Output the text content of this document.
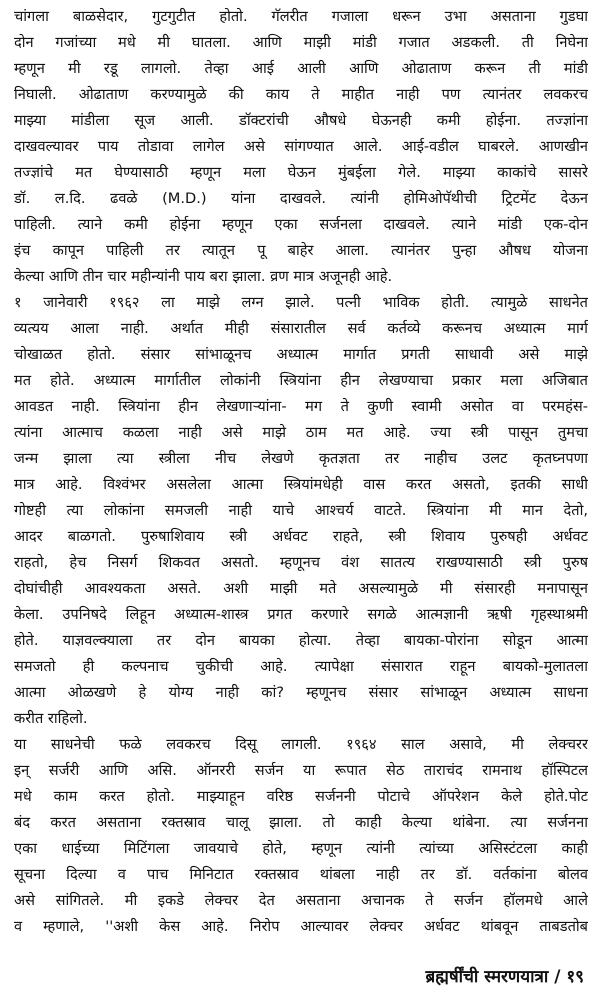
चांगला बाळसेदार, गुटगुटीत होतो. गॅलरीत गजाला धरून उभा असताना गुडघा
दोन गजांच्या मधे मी घातला. आणि माझी मांडी गजात अडकली. ती निघेना
म्हणून मी रडू लागलो. तेव्हा आई आली आणि ओढाताण करून ती मांडी
निघाली. ओढाताण करण्यामुळे की काय ते माहीत नाही पण त्यानंतर लवकरच
माझ्या मांडीला सूज आली. डॉक्टरांची औषधे घेऊनही कमी होईना. तज्ज्ञांना
दाखवल्यावर पाय तोडावा लागेल असे सांगण्यात आले. आई-वडील घाबरले. आणखीन
तज्ज्ञांचे मत घेण्यासाठी म्हणून मला घेऊन मुंबईला गेले. माझ्या काकांचे सासरे
डॉ. ल.दि. ढवळे (M.D.) यांना दाखवले. त्यांनी होमिओपॅथीची ट्रिटमेंट देऊन
पाहिली. त्याने कमी होईना म्हणून एका सर्जनला दाखवले. त्याने मांडी एक-दोन
इंच कापून पाहिली तर त्यातून पू बाहेर आला. त्यानंतर पुन्हा औषध योजना
केल्या आणि तीन चार महीन्यांनी पाय बरा झाला. व्रण मात्र अजूनही आहे.
१ जानेवारी १९६२ ला माझे लग्न झाले. पत्नी भाविक होती. त्यामुळे साधनेत
व्यत्यय आला नाही. अर्थात मीही संसारातील सर्व कर्तव्ये करूनच अध्यात्म मार्ग
चोखाळत होतो. संसार सांभाळूनच अध्यात्म मार्गात प्रगती साधावी असे माझे
मत होते. अध्यात्म मार्गातील लोकांनी स्त्रियांना हीन लेखण्याचा प्रकार मला अजिबात
आवडत नाही. स्त्रियांना हीन लेखणाऱ्यांना- मग ते कुणी स्वामी असोत वा परमहंस-
त्यांना आत्माच कळला नाही असे माझे ठाम मत आहे. ज्या स्त्री पासून तुमचा
जन्म झाला त्या स्त्रीला नीच लेखणे कृतज्ञता तर नाहीच उलट कृतघ्नपणा
मात्र आहे. विश्वंभर असलेला आत्मा स्त्रियांमधेही वास करत असतो, इतकी साधी
गोष्टही त्या लोकांना समजली नाही याचे आश्चर्य वाटते. स्त्रियांना मी मान देतो,
आदर बाळगतो. पुरुषाशिवाय स्त्री अर्धवट राहते, स्त्री शिवाय पुरुषही अर्धवट
राहतो, हेच निसर्ग शिकवत असतो. म्हणूनच वंश सातत्य राखण्यासाठी स्त्री पुरुष
दोघांचीही आवश्यकता असते. अशी माझी मते असल्यामुळे मी संसारही मनापासून
केला. उपनिषदे लिहून अध्यात्म-शास्त्र प्रगत करणारे सगळे आत्मज्ञानी ऋषी गृहस्थाश्रमी
होते. याज्ञवल्क्याला तर दोन बायका होत्या. तेव्हा बायका-पोरांना सोडून आत्मा
समजतो ही कल्पनाच चुकीची आहे. त्यापेक्षा संसारात राहून बायको-मुलातला
आत्मा ओळखणे हे योग्य नाही कां? म्हणूनच संसार सांभाळून अध्यात्म साधना
करीत राहिलो.
या साधनेची फळे लवकरच दिसू लागली. १९६४ साल असावे, मी लेक्चरर
इन् सर्जरी आणि असि. ऑनररी सर्जन या रूपात सेठ ताराचंद रामनाथ हॉस्पिटल
मधे काम करत होतो. माझ्याहून वरिष्ठ सर्जननी पोटाचे ऑपरेशन केले होते.पोट
बंद करत असताना रक्तस्राव चालू झाला. तो काही केल्या थांबेना. त्या सर्जनना
एका धाईच्या मिटिंगला जावयाचे होते, म्हणून त्यांनी त्यांच्या असिस्टंटला काही
सूचना दिल्या व पाच मिनिटात रक्तस्राव थांबला नाही तर डॉ. वर्तकांना बोलव
असे सांगितले. मी इकडे लेक्चर देत असताना अचानक ते सर्जन हॉलमधे आले
व म्हणाले, ''अशी केस आहे. निरोप आल्यावर लेक्चर अर्धवट थांबवून ताबडतोब
ब्रह्मर्षींची स्मरणयात्रा / १९
